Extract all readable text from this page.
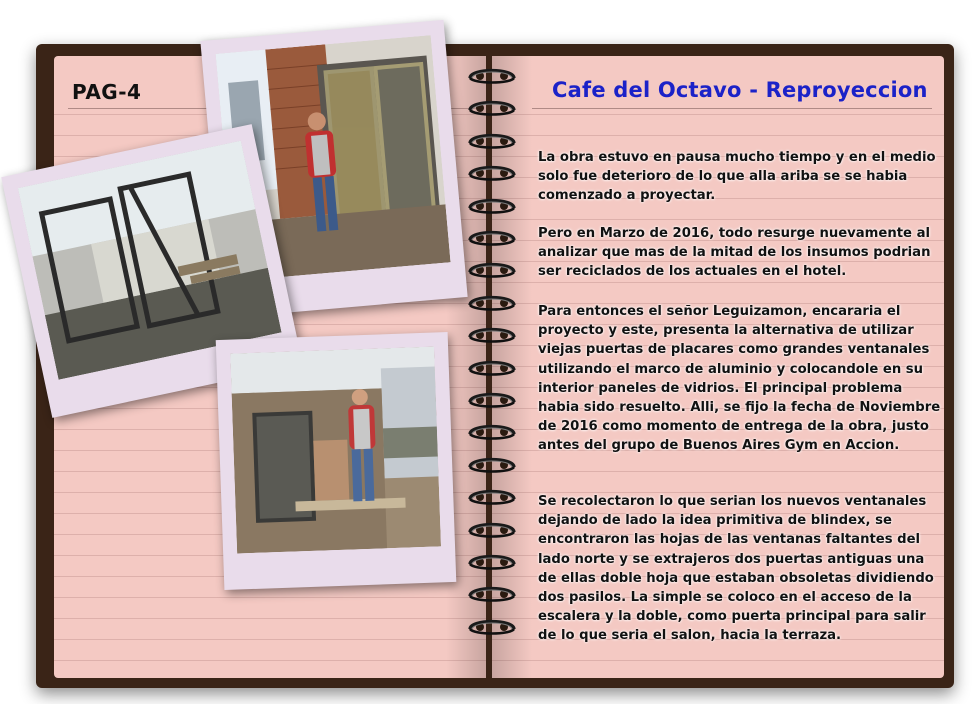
PAG-4	Cafe del Octavo - Reproyeccion
La obra estuvo en pausa mucho tiempo y en el medio solo fue deterioro de lo que alla ariba se se habia comenzado a proyectar.
Pero en Marzo de 2016, todo resurge nuevamente al analizar que mas de la mitad de los insumos podrian ser reciclados de los actuales en el hotel.
Para entonces el señor Leguizamon, encararia el proyecto y este, presenta la alternativa de utilizar viejas puertas de placares como grandes ventanales utilizando el marco de aluminio y colocandole en su interior paneles de vidrios. El principal problema habia sido resuelto. Alli, se fijo la fecha de Noviembre de 2016 como momento de entrega de la obra, justo antes del grupo de Buenos Aires Gym en Accion.
Se recolectaron lo que serian los nuevos ventanales dejando de lado la idea primitiva de blindex, se encontraron las hojas de las ventanas faltantes del lado norte y se extrajeros dos puertas antiguas una de ellas doble hoja que estaban obsoletas dividiendo dos pasilos. La simple se coloco en el acceso de la escalera y la doble, como puerta principal para salir de lo que seria el salon, hacia la terraza.
